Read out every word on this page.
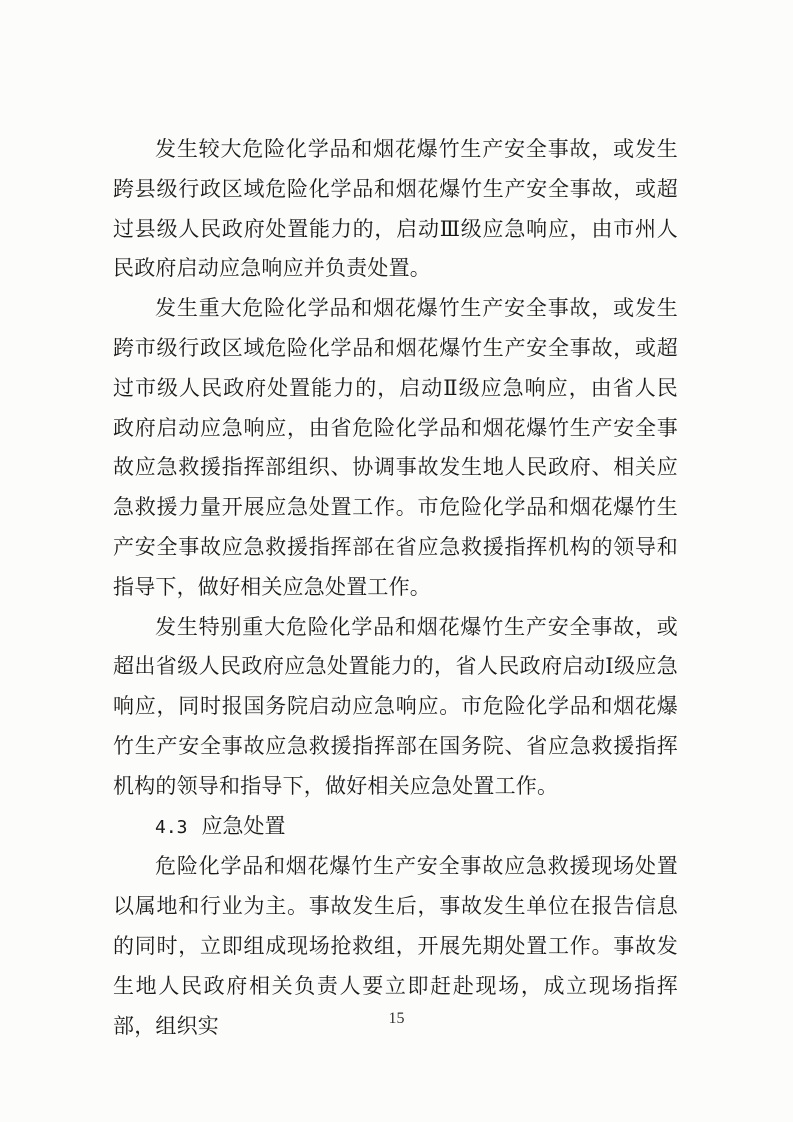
发生较大危险化学品和烟花爆竹生产安全事故，或发生跨县级行政区域危险化学品和烟花爆竹生产安全事故，或超过县级人民政府处置能力的，启动Ⅲ级应急响应，由市州人民政府启动应急响应并负责处置。

发生重大危险化学品和烟花爆竹生产安全事故，或发生跨市级行政区域危险化学品和烟花爆竹生产安全事故，或超过市级人民政府处置能力的，启动Ⅱ级应急响应，由省人民政府启动应急响应，由省危险化学品和烟花爆竹生产安全事故应急救援指挥部组织、协调事故发生地人民政府、相关应急救援力量开展应急处置工作。市危险化学品和烟花爆竹生产安全事故应急救援指挥部在省应急救援指挥机构的领导和指导下，做好相关应急处置工作。

发生特别重大危险化学品和烟花爆竹生产安全事故，或超出省级人民政府应急处置能力的，省人民政府启动Ⅰ级应急响应，同时报国务院启动应急响应。市危险化学品和烟花爆竹生产安全事故应急救援指挥部在国务院、省应急救援指挥机构的领导和指导下，做好相关应急处置工作。

4.3 应急处置

危险化学品和烟花爆竹生产安全事故应急救援现场处置以属地和行业为主。事故发生后，事故发生单位在报告信息的同时，立即组成现场抢救组，开展先期处置工作。事故发生地人民政府相关负责人要立即赶赴现场，成立现场指挥部，组织实	15
